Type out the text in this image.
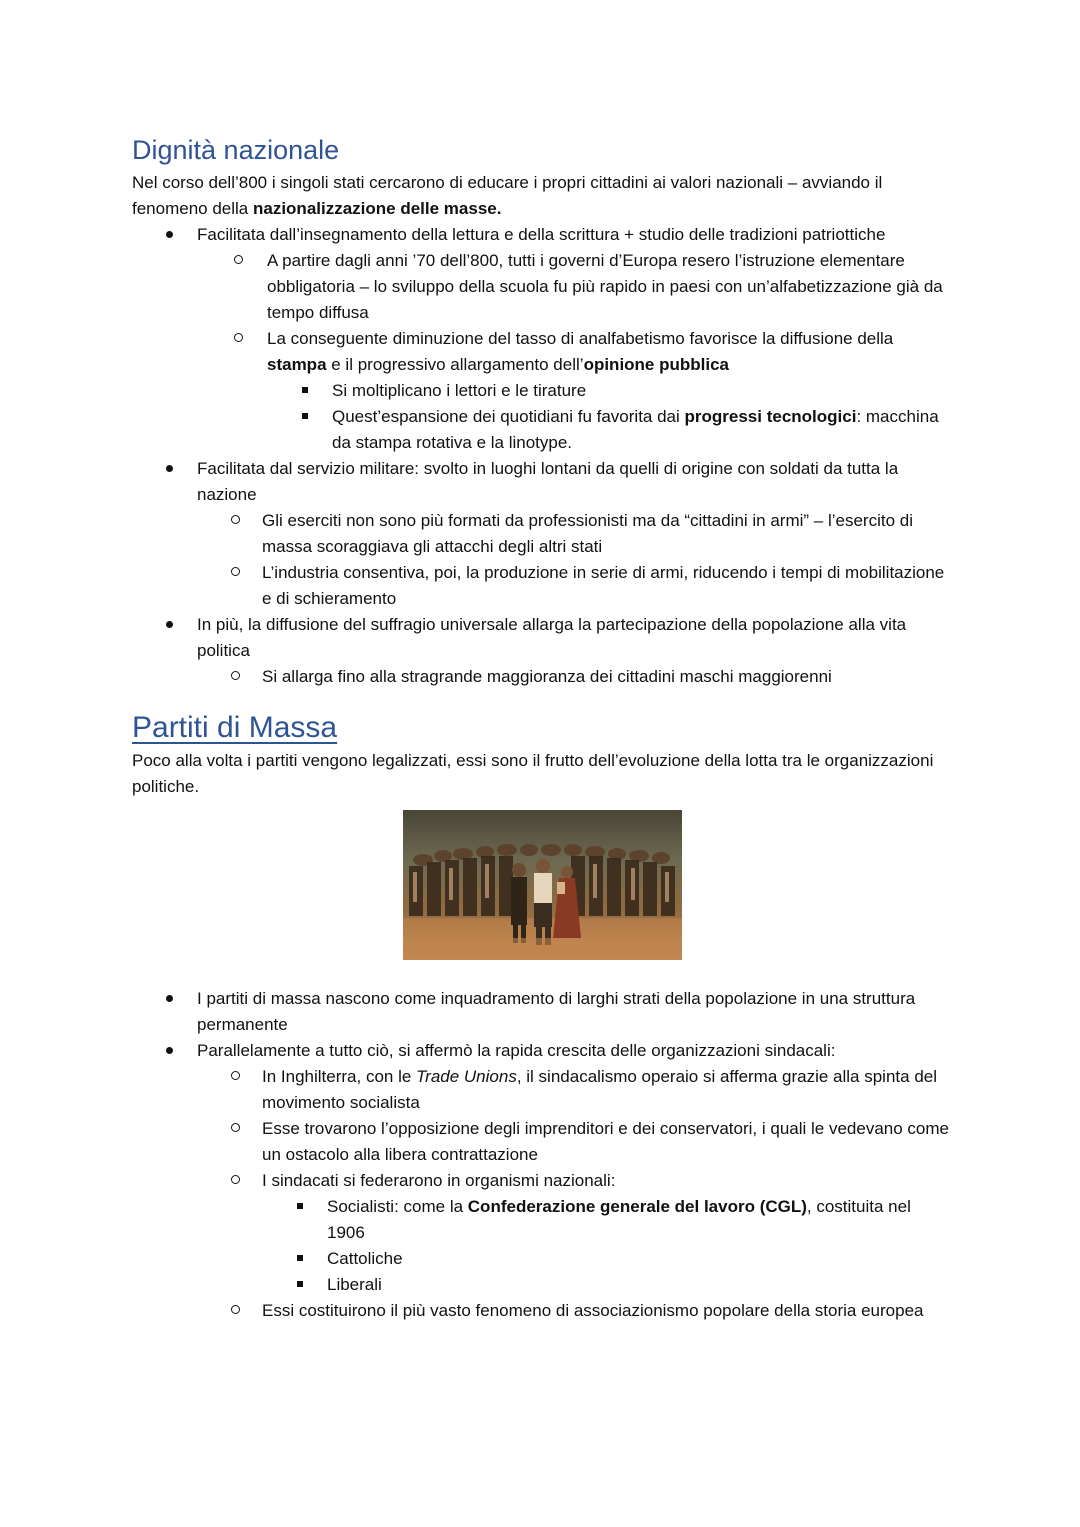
Dignità nazionale

Nel corso dell’800 i singoli stati cercarono di educare i propri cittadini ai valori nazionali – avviando il fenomeno della nazionalizzazione delle masse.

Facilitata dall’insegnamento della lettura e della scrittura + studio delle tradizioni patriottiche
A partire dagli anni ’70 dell’800, tutti i governi d’Europa resero l’istruzione elementare obbligatoria – lo sviluppo della scuola fu più rapido in paesi con un’alfabetizzazione già da tempo diffusa
La conseguente diminuzione del tasso di analfabetismo favorisce la diffusione della stampa e il progressivo allargamento dell’opinione pubblica
Si moltiplicano i lettori e le tirature
Quest’espansione dei quotidiani fu favorita dai progressi tecnologici: macchina da stampa rotativa e la linotype.
Facilitata dal servizio militare: svolto in luoghi lontani da quelli di origine con soldati da tutta la nazione
Gli eserciti non sono più formati da professionisti ma da “cittadini in armi” – l’esercito di massa scoraggiava gli attacchi degli altri stati
L’industria consentiva, poi, la produzione in serie di armi, riducendo i tempi di mobilitazione e di schieramento
In più, la diffusione del suffragio universale allarga la partecipazione della popolazione alla vita politica
Si allarga fino alla stragrande maggioranza dei cittadini maschi maggiorenni
Partiti di Massa

Poco alla volta i partiti vengono legalizzati, essi sono il frutto dell’evoluzione della lotta tra le organizzazioni politiche.

I partiti di massa nascono come inquadramento di larghi strati della popolazione in una struttura permanente
Parallelamente a tutto ciò, si affermò la rapida crescita delle organizzazioni sindacali:
In Inghilterra, con le Trade Unions, il sindacalismo operaio si afferma grazie alla spinta del movimento socialista
Esse trovarono l’opposizione degli imprenditori e dei conservatori, i quali le vedevano come un ostacolo alla libera contrattazione
I sindacati si federarono in organismi nazionali:
Socialisti: come la Confederazione generale del lavoro (CGL), costituita nel 1906
Cattoliche
Liberali
Essi costituirono il più vasto fenomeno di associazionismo popolare della storia europea
